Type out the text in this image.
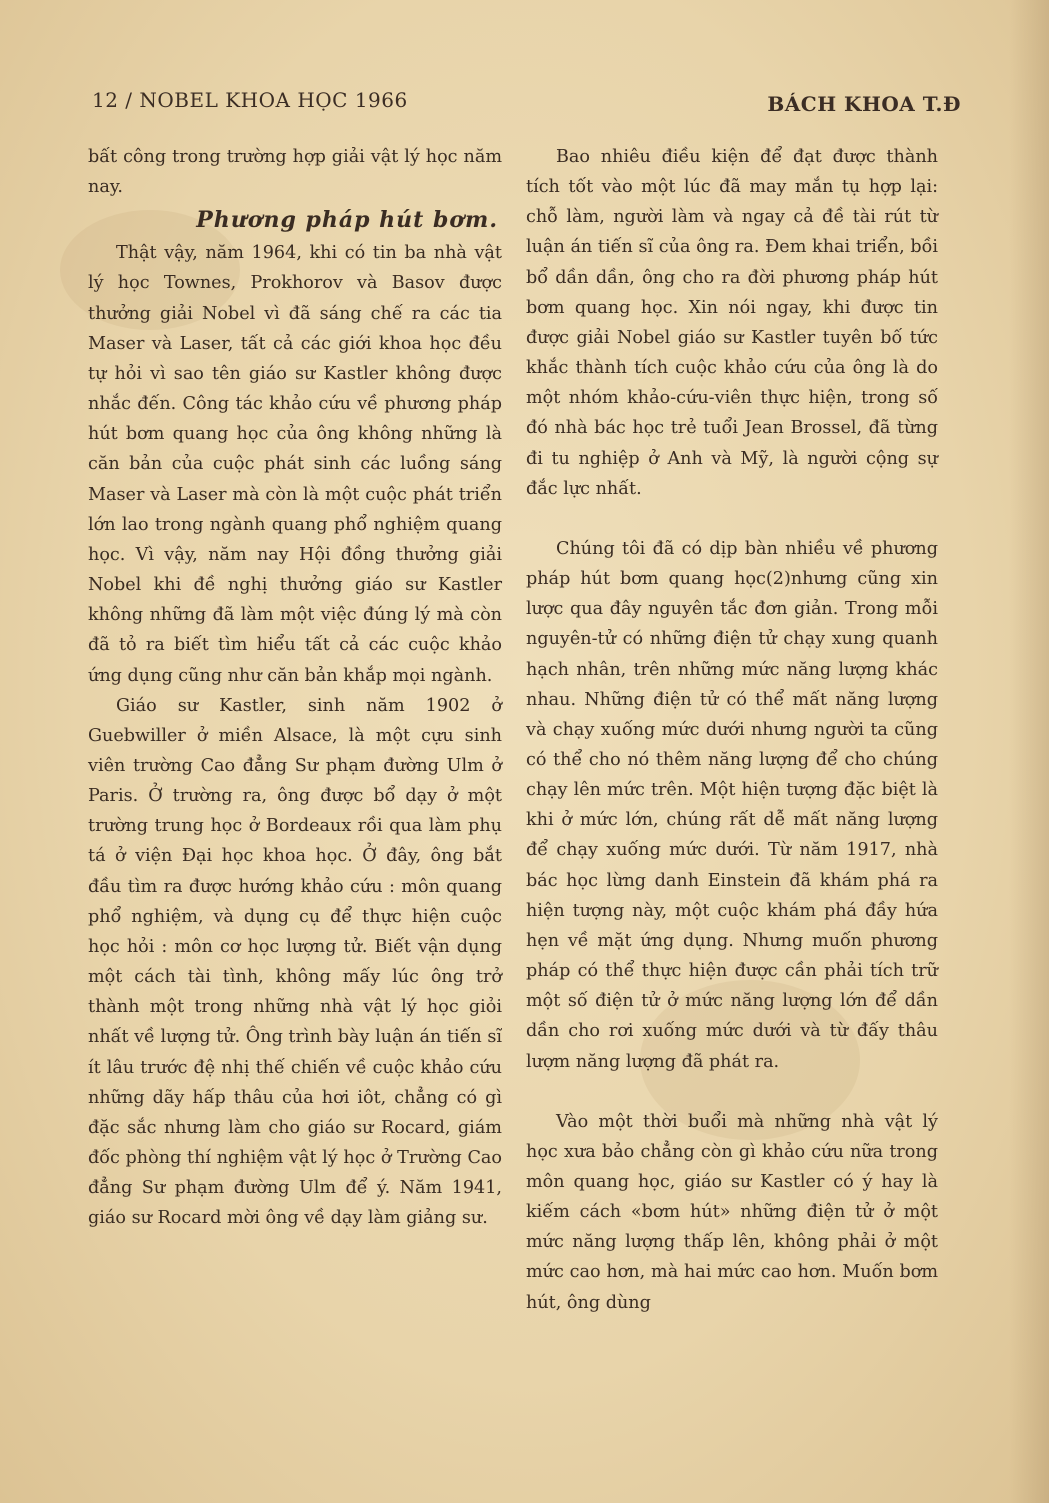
12 / NOBEL KHOA HỌC 1966	BÁCH KHOA T.Đ

bất công trong trường hợp giải vật lý học năm nay.

Phương pháp hút bơm.

Thật vậy, năm 1964, khi có tin ba nhà vật lý học Townes, Prokhorov và Basov được thưởng giải Nobel vì đã sáng chế ra các tia Maser và Laser, tất cả các giới khoa học đều tự hỏi vì sao tên giáo sư Kastler không được nhắc đến. Công tác khảo cứu về phương pháp hút bơm quang học của ông không những là căn bản của cuộc phát sinh các luồng sáng Maser và Laser mà còn là một cuộc phát triển lớn lao trong ngành quang phổ nghiệm quang học. Vì vậy, năm nay Hội đồng thưởng giải Nobel khi đề nghị thưởng giáo sư Kastler không những đã làm một việc đúng lý mà còn đã tỏ ra biết tìm hiểu tất cả các cuộc khảo ứng dụng cũng như căn bản khắp mọi ngành.

Giáo sư Kastler, sinh năm 1902 ở Guebwiller ở miền Alsace, là một cựu sinh viên trường Cao đẳng Sư phạm đường Ulm ở Paris. Ở trường ra, ông được bổ dạy ở một trường trung học ở Bordeaux rồi qua làm phụ tá ở viện Đại học khoa học. Ở đây, ông bắt đầu tìm ra được hướng khảo cứu : môn quang phổ nghiệm, và dụng cụ để thực hiện cuộc học hỏi : môn cơ học lượng tử. Biết vận dụng một cách tài tình, không mấy lúc ông trở thành một trong những nhà vật lý học giỏi nhất về lượng tử. Ông trình bày luận án tiến sĩ ít lâu trước đệ nhị thế chiến về cuộc khảo cứu những dãy hấp thâu của hơi iôt, chẳng có gì đặc sắc nhưng làm cho giáo sư Rocard, giám đốc phòng thí nghiệm vật lý học ở Trường Cao đẳng Sư phạm đường Ulm để ý. Năm 1941, giáo sư Rocard mời ông về dạy làm giảng sư.

Bao nhiêu điều kiện để đạt được thành tích tốt vào một lúc đã may mắn tụ hợp lại: chỗ làm, người làm và ngay cả đề tài rút từ luận án tiến sĩ của ông ra. Đem khai triển, bồi bổ dần dần, ông cho ra đời phương pháp hút bơm quang học. Xin nói ngay, khi được tin được giải Nobel giáo sư Kastler tuyên bố tức khắc thành tích cuộc khảo cứu của ông là do một nhóm khảo-cứu-viên thực hiện, trong số đó nhà bác học trẻ tuổi Jean Brossel, đã từng đi tu nghiệp ở Anh và Mỹ, là người cộng sự đắc lực nhất.

Chúng tôi đã có dịp bàn nhiều về phương pháp hút bơm quang học(2)nhưng cũng xin lược qua đây nguyên tắc đơn giản. Trong mỗi nguyên-tử có những điện tử chạy xung quanh hạch nhân, trên những mức năng lượng khác nhau. Những điện tử có thể mất năng lượng và chạy xuống mức dưới nhưng người ta cũng có thể cho nó thêm năng lượng để cho chúng chạy lên mức trên. Một hiện tượng đặc biệt là khi ở mức lớn, chúng rất dễ mất năng lượng để chạy xuống mức dưới. Từ năm 1917, nhà bác học lừng danh Einstein đã khám phá ra hiện tượng này, một cuộc khám phá đầy hứa hẹn về mặt ứng dụng. Nhưng muốn phương pháp có thể thực hiện được cần phải tích trữ một số điện tử ở mức năng lượng lớn để dần dần cho rơi xuống mức dưới và từ đấy thâu lượm năng lượng đã phát ra.

Vào một thời buổi mà những nhà vật lý học xưa bảo chẳng còn gì khảo cứu nữa trong môn quang học, giáo sư Kastler có ý hay là kiếm cách «bơm hút» những điện tử ở một mức năng lượng thấp lên, không phải ở một mức cao hơn, mà hai mức cao hơn. Muốn bơm hút, ông dùng
